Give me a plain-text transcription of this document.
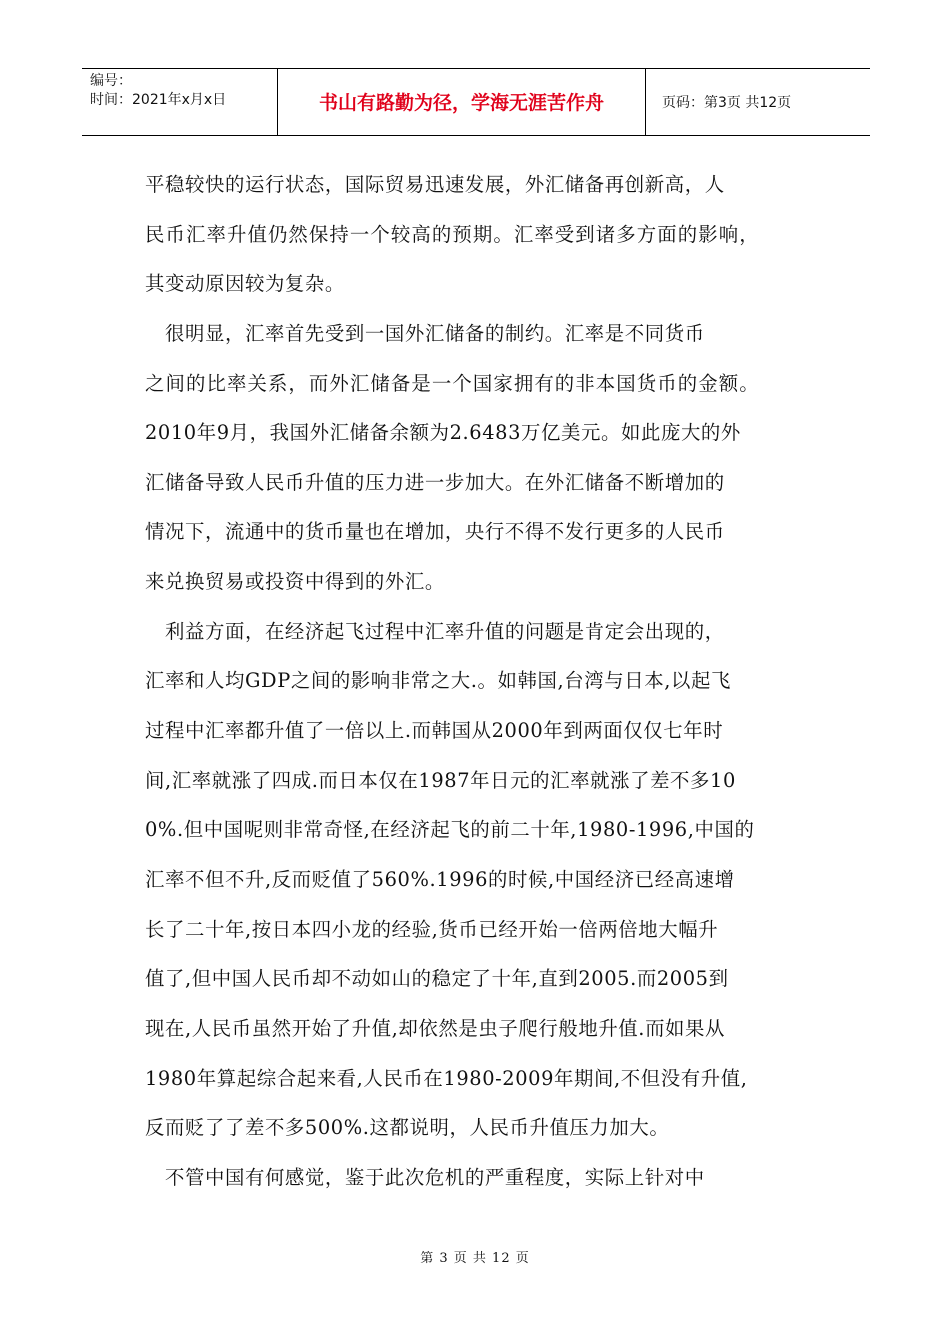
编号：
时间：2021年x月x日	书山有路勤为径，学海无涯苦作舟	页码：第3页 共12页
平稳较快的运行状态，国际贸易迅速发展，外汇储备再创新高，人
民币汇率升值仍然保持一个较高的预期。汇率受到诸多方面的影响，
其变动原因较为复杂。
　很明显，汇率首先受到一国外汇储备的制约。汇率是不同货币
之间的比率关系，而外汇储备是一个国家拥有的非本国货币的金额。
2010年9月，我国外汇储备余额为2.6483万亿美元。如此庞大的外
汇储备导致人民币升值的压力进一步加大。在外汇储备不断增加的
情况下，流通中的货币量也在增加，央行不得不发行更多的人民币
来兑换贸易或投资中得到的外汇。
　利益方面，在经济起飞过程中汇率升值的问题是肯定会出现的，
汇率和人均GDP之间的影响非常之大.。如韩国,台湾与日本,以起飞
过程中汇率都升值了一倍以上.而韩国从2000年到两面仅仅七年时
间,汇率就涨了四成.而日本仅在1987年日元的汇率就涨了差不多10
0%.但中国呢则非常奇怪,在经济起飞的前二十年,1980-1996,中国的
汇率不但不升,反而贬值了560%.1996的时候,中国经济已经高速增
长了二十年,按日本四小龙的经验,货币已经开始一倍两倍地大幅升
值了,但中国人民币却不动如山的稳定了十年,直到2005.而2005到
现在,人民币虽然开始了升值,却依然是虫子爬行般地升值.而如果从
1980年算起综合起来看,人民币在1980-2009年期间,不但没有升值,
反而贬了了差不多500%.这都说明，人民币升值压力加大。
　不管中国有何感觉，鉴于此次危机的严重程度，实际上针对中
第 3 页 共 12 页
